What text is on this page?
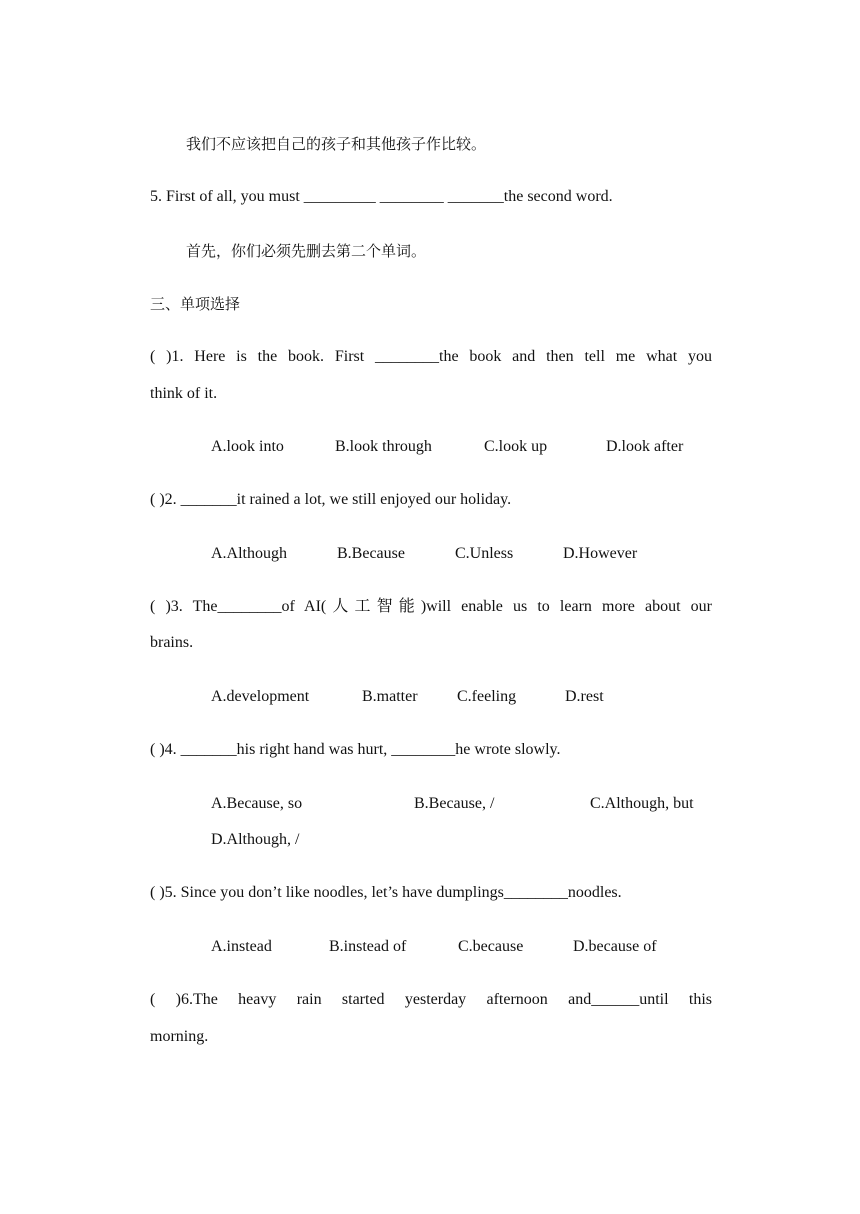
我们不应该把自己的孩子和其他孩子作比较。
5. First of all, you must _________ ________ _______the second word.
首先，你们必须先删去第二个单词。
三、单项选择
( )1. Here is the book. First ________the book and then tell me what you
think of it.
A.look into	B.look through	C.look up	D.look after
( )2. _______it rained a lot, we still enjoyed our holiday.
A.Although	B.Because	C.Unless	D.However
( )3. The________of AI(人工智能)will enable us to learn more about our
brains.
A.development	B.matter C.feeling	D.rest
( )4. _______his right hand was hurt, ________he wrote slowly.
A.Because, so	B.Because, /	C.Although, but
D.Although, /
( )5. Since you don’t like noodles, let’s have dumplings________noodles.
A.instead	B.instead of	C.because	D.because of
( )6.The heavy rain started yesterday afternoon and______until this
morning.
